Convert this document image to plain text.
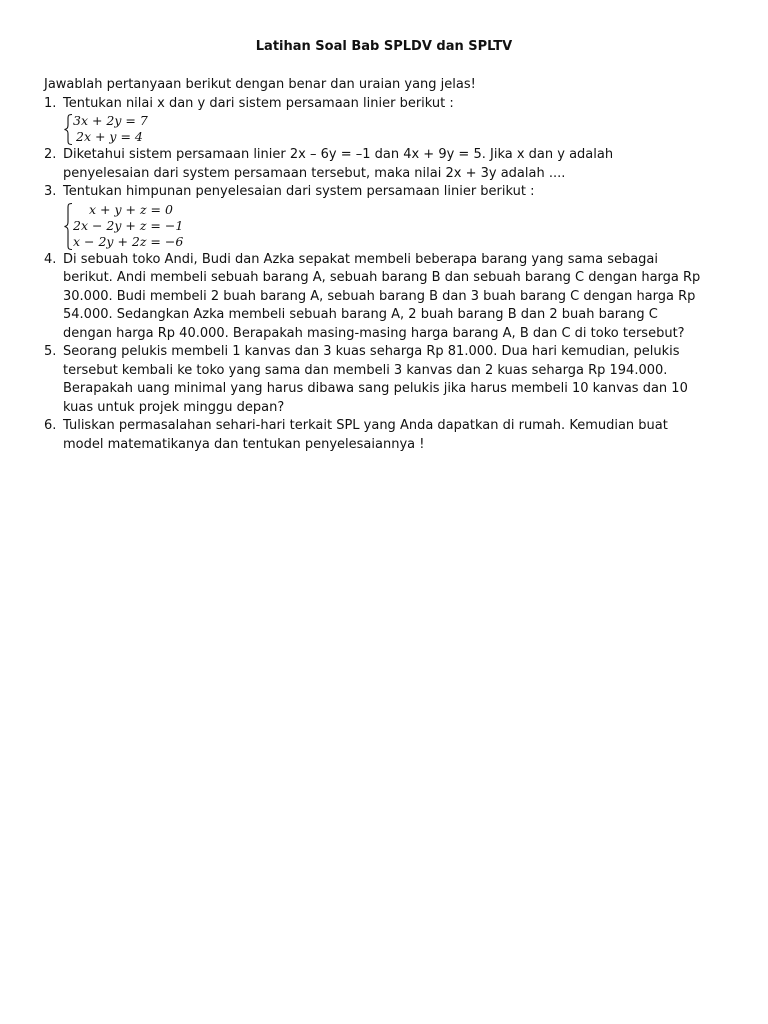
Latihan Soal Bab SPLDV dan SPLTV

Jawablah pertanyaan berikut dengan benar dan uraian yang jelas!

1. Tentukan nilai x dan y dari sistem persamaan linier berikut :
3x + 2y = 7
2x + y = 4
2. Diketahui sistem persamaan linier 2x – 6y = –1 dan 4x + 9y = 5. Jika x dan y adalah
penyelesaian dari system persamaan tersebut, maka nilai 2x + 3y adalah ....
3. Tentukan himpunan penyelesaian dari system persamaan linier berikut :
x + y + z = 0
2x − 2y + z = −1
x − 2y + 2z = −6
4. Di sebuah toko Andi, Budi dan Azka sepakat membeli beberapa barang yang sama sebagai
berikut. Andi membeli sebuah barang A, sebuah barang B dan sebuah barang C dengan harga Rp
30.000. Budi membeli 2 buah barang A, sebuah barang B dan 3 buah barang C dengan harga Rp
54.000. Sedangkan Azka membeli sebuah barang A, 2 buah barang B dan 2 buah barang C
dengan harga Rp 40.000. Berapakah masing-masing harga barang A, B dan C di toko tersebut?
5. Seorang pelukis membeli 1 kanvas dan 3 kuas seharga Rp 81.000. Dua hari kemudian, pelukis
tersebut kembali ke toko yang sama dan membeli 3 kanvas dan 2 kuas seharga Rp 194.000.
Berapakah uang minimal yang harus dibawa sang pelukis jika harus membeli 10 kanvas dan 10
kuas untuk projek minggu depan?
6. Tuliskan permasalahan sehari-hari terkait SPL yang Anda dapatkan di rumah. Kemudian buat
model matematikanya dan tentukan penyelesaiannya !
